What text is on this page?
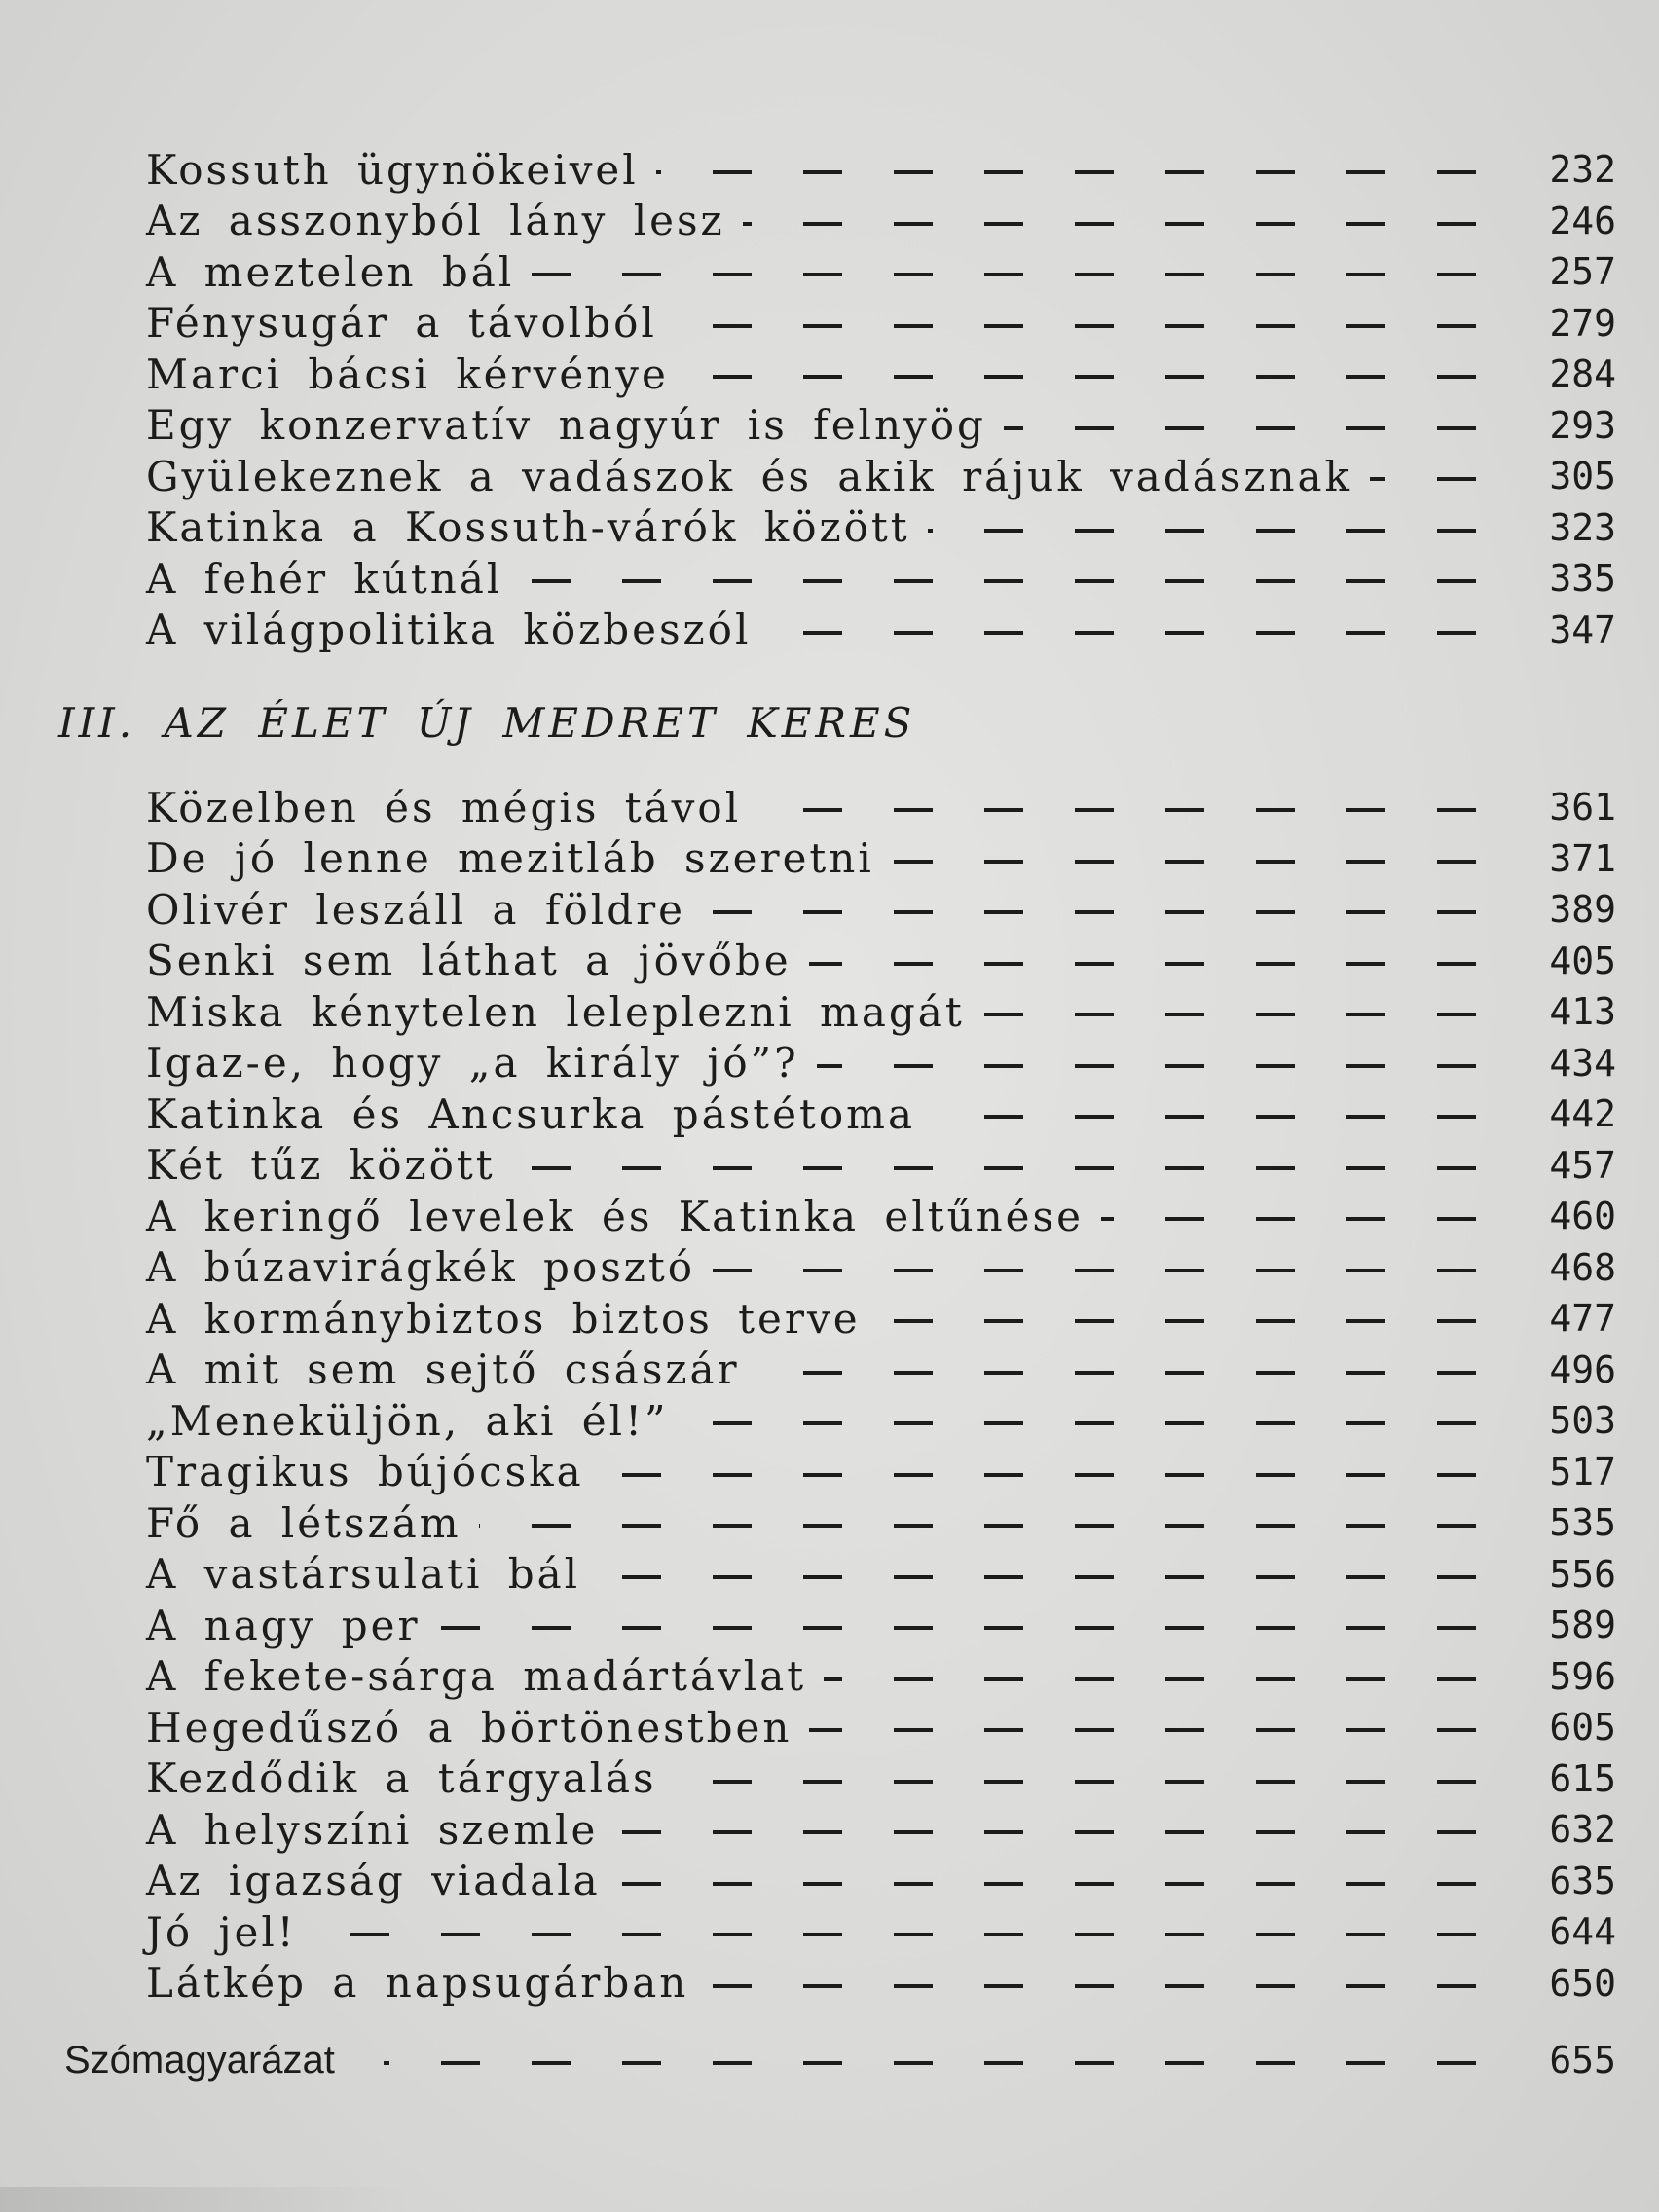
Kossuth ügynökeivel	232
Az asszonyból lány lesz	246
A meztelen bál	257
Fénysugár a távolból	279
Marci bácsi kérvénye	284
Egy konzervatív nagyúr is felnyög	293
Gyülekeznek a vadászok és akik rájuk vadásznak	305
Katinka a Kossuth-várók között	323
A fehér kútnál	335
A világpolitika közbeszól	347
III. AZ ÉLET ÚJ MEDRET KERES
Közelben és mégis távol	361
De jó lenne mezitláb szeretni	371
Olivér leszáll a földre	389
Senki sem láthat a jövőbe	405
Miska kénytelen leleplezni magát	413
Igaz-e, hogy „a király jó”?	434
Katinka és Ancsurka pástétoma	442
Két tűz között	457
A keringő levelek és Katinka eltűnése	460
A búzavirágkék posztó	468
A kormánybiztos biztos terve	477
A mit sem sejtő császár	496
„Meneküljön, aki él!”	503
Tragikus bújócska	517
Fő a létszám	535
A vastársulati bál	556
A nagy per	589
A fekete-sárga madártávlat	596
Hegedűszó a börtönestben	605
Kezdődik a tárgyalás	615
A helyszíni szemle	632
Az igazság viadala	635
Jó jel!	644
Látkép a napsugárban	650
Szómagyarázat	655
